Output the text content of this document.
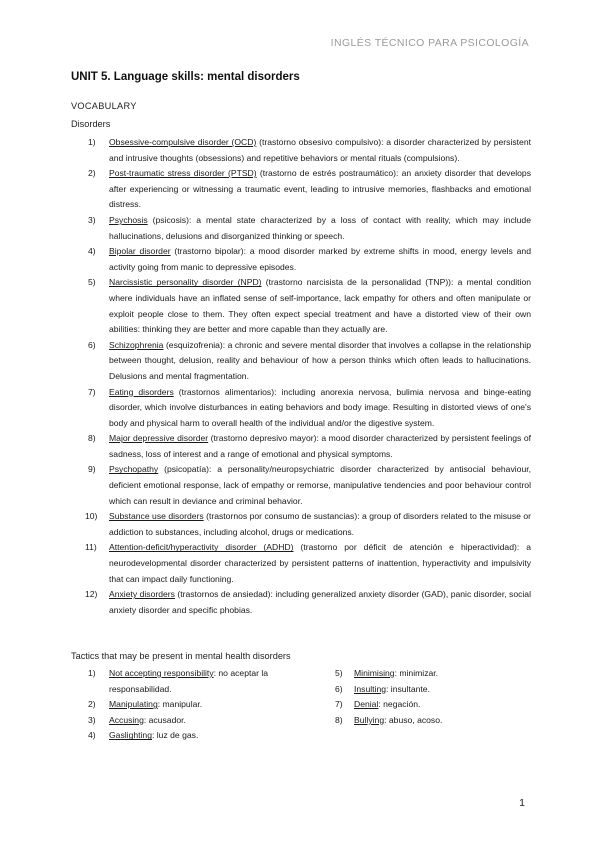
INGLÉS TÉCNICO PARA PSICOLOGÍA
UNIT 5. Language skills: mental disorders
VOCABULARY
Disorders
1) Obsessive-compulsive disorder (OCD) (trastorno obsesivo compulsivo): a disorder characterized by persistent and intrusive thoughts (obsessions) and repetitive behaviors or mental rituals (compulsions).
2) Post-traumatic stress disorder (PTSD) (trastorno de estrés postraumático): an anxiety disorder that develops after experiencing or witnessing a traumatic event, leading to intrusive memories, flashbacks and emotional distress.
3) Psychosis (psicosis): a mental state characterized by a loss of contact with reality, which may include hallucinations, delusions and disorganized thinking or speech.
4) Bipolar disorder (trastorno bipolar): a mood disorder marked by extreme shifts in mood, energy levels and activity going from manic to depressive episodes.
5) Narcissistic personality disorder (NPD) (trastorno narcisista de la personalidad (TNP)): a mental condition where individuals have an inflated sense of self-importance, lack empathy for others and often manipulate or exploit people close to them. They often expect special treatment and have a distorted view of their own abilities: thinking they are better and more capable than they actually are.
6) Schizophrenia (esquizofrenia): a chronic and severe mental disorder that involves a collapse in the relationship between thought, delusion, reality and behaviour of how a person thinks which often leads to hallucinations. Delusions and mental fragmentation.
7) Eating disorders (trastornos alimentarios): including anorexia nervosa, bulimia nervosa and binge-eating disorder, which involve disturbances in eating behaviors and body image. Resulting in distorted views of one's body and physical harm to overall health of the individual and/or the digestive system.
8) Major depressive disorder (trastorno depresivo mayor): a mood disorder characterized by persistent feelings of sadness, loss of interest and a range of emotional and physical symptoms.
9) Psychopathy (psicopatía): a personality/neuropsychiatric disorder characterized by antisocial behaviour, deficient emotional response, lack of empathy or remorse, manipulative tendencies and poor behaviour control which can result in deviance and criminal behavior.
10) Substance use disorders (trastornos por consumo de sustancias): a group of disorders related to the misuse or addiction to substances, including alcohol, drugs or medications.
11) Attention-deficit/hyperactivity disorder (ADHD) (trastorno por déficit de atención e hiperactividad): a neurodevelopmental disorder characterized by persistent patterns of inattention, hyperactivity and impulsivity that can impact daily functioning.
12) Anxiety disorders (trastornos de ansiedad): including generalized anxiety disorder (GAD), panic disorder, social anxiety disorder and specific phobias.
Tactics that may be present in mental health disorders
1) Not accepting responsibility: no aceptar la responsabilidad.
2) Manipulating: manipular.
3) Accusing: acusador.
4) Gaslighting: luz de gas.
5) Minimising: minimizar.
6) Insulting: insultante.
7) Denial: negación.
8) Bullying: abuso, acoso.
1
